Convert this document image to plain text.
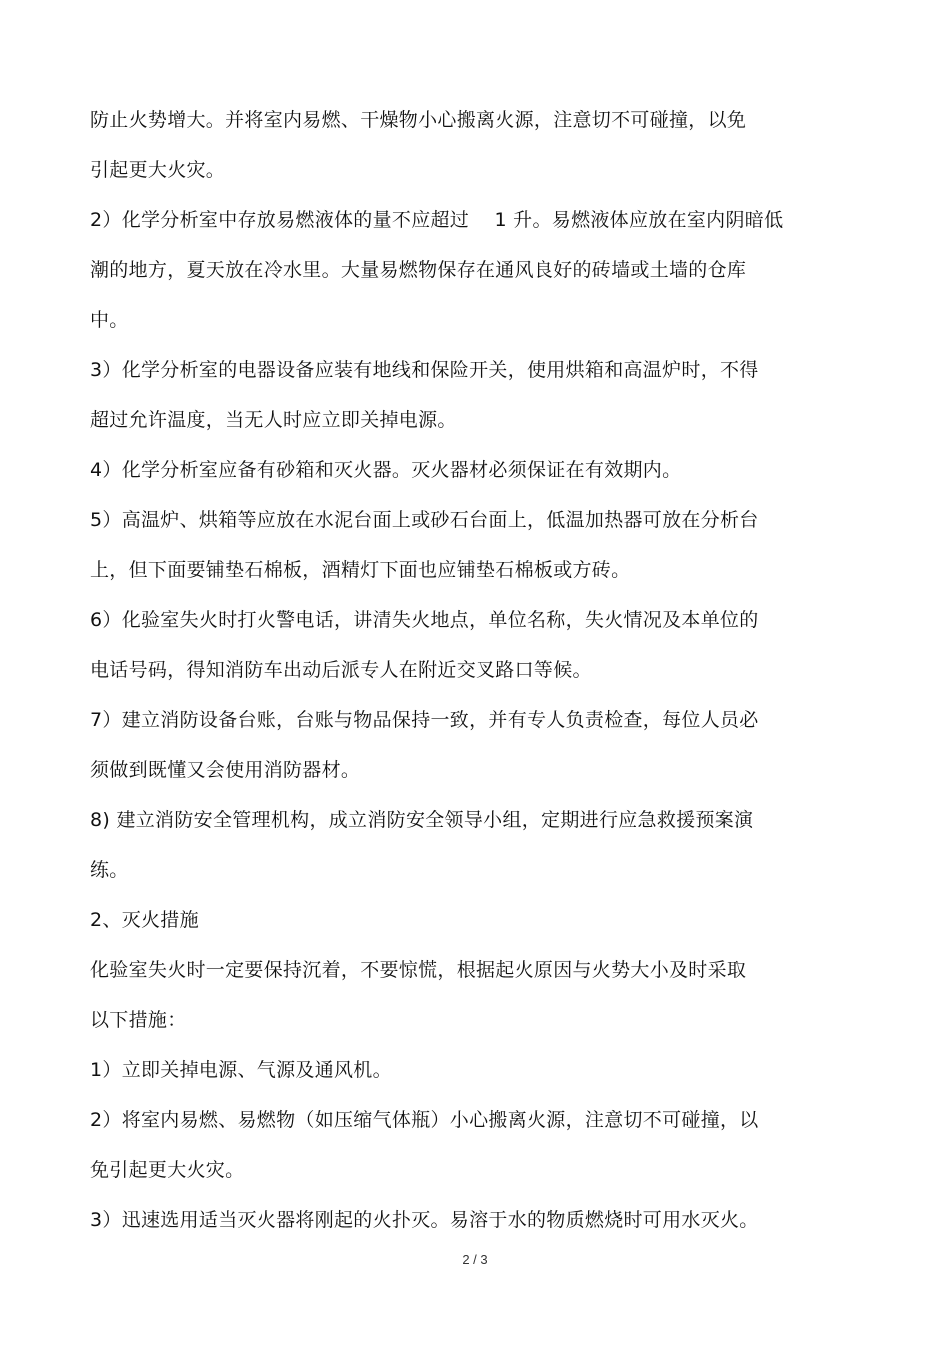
防止火势增大。并将室内易燃、干燥物小心搬离火源，注意切不可碰撞，以免
引起更大火灾。
2）化学分析室中存放易燃液体的量不应超过    1 升。易燃液体应放在室内阴暗低
潮的地方，夏天放在冷水里。大量易燃物保存在通风良好的砖墙或土墙的仓库
中。
3）化学分析室的电器设备应装有地线和保险开关，使用烘箱和高温炉时，不得
超过允许温度，当无人时应立即关掉电源。
4）化学分析室应备有砂箱和灭火器。灭火器材必须保证在有效期内。
5）高温炉、烘箱等应放在水泥台面上或砂石台面上，低温加热器可放在分析台
上，但下面要铺垫石棉板，酒精灯下面也应铺垫石棉板或方砖。
6）化验室失火时打火警电话，讲清失火地点，单位名称，失火情况及本单位的
电话号码，得知消防车出动后派专人在附近交叉路口等候。
7）建立消防设备台账，台账与物品保持一致，并有专人负责检查，每位人员必
须做到既懂又会使用消防器材。
8) 建立消防安全管理机构，成立消防安全领导小组，定期进行应急救援预案演
练。
2、灭火措施
化验室失火时一定要保持沉着，不要惊慌，根据起火原因与火势大小及时采取
以下措施：
1）立即关掉电源、气源及通风机。
2）将室内易燃、易燃物（如压缩气体瓶）小心搬离火源，注意切不可碰撞，以
免引起更大火灾。
3）迅速选用适当灭火器将刚起的火扑灭。易溶于水的物质燃烧时可用水灭火。
2 / 3
